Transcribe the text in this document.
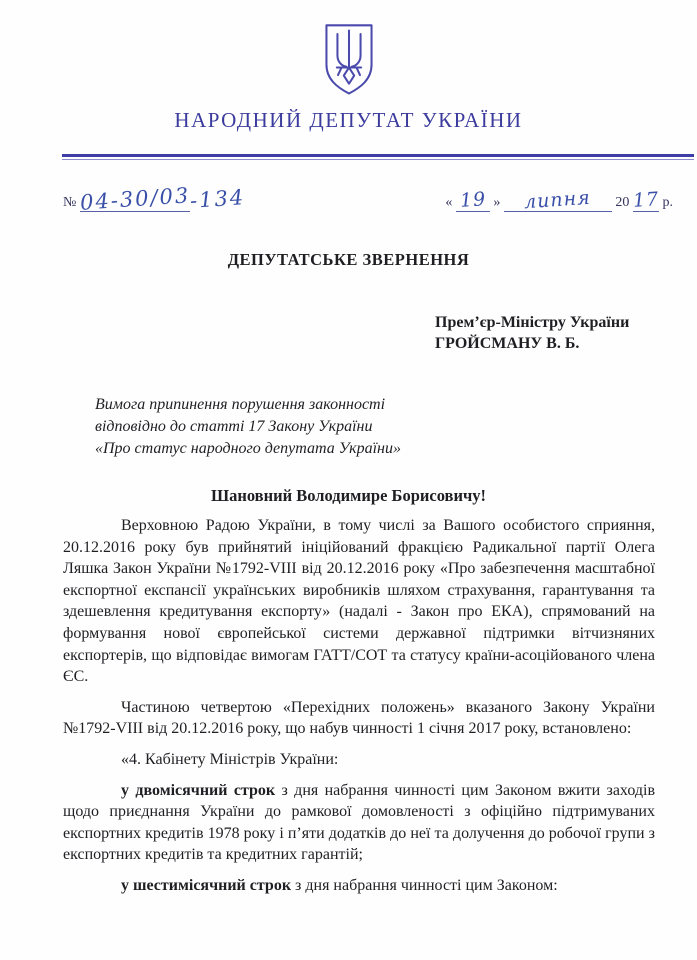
НАРОДНИЙ ДЕПУТАТ УКРАЇНИ
№ 04-30/03-134	« 19 » липня 20 17 р.
ДЕПУТАТСЬКЕ ЗВЕРНЕННЯ
Прем’єр-Міністру України
ГРОЙСМАНУ В. Б.
Вимога припинення порушення законності
відповідно до статті 17 Закону України
«Про статус народного депутата України»
Шановний Володимире Борисовичу!

Верховною Радою України, в тому числі за Вашого особистого сприяння, 20.12.2016 року був прийнятий ініційований фракцією Радикальної партії Олега Ляшка Закон України №1792-VIII від 20.12.2016 року «Про забезпечення масштабної експортної експансії українських виробників шляхом страхування, гарантування та здешевлення кредитування експорту» (надалі - Закон про ЕКА), спрямований на формування нової європейської системи державної підтримки вітчизняних експортерів, що відповідає вимогам ГАТТ/СОТ та статусу країни-асоційованого члена ЄС.

Частиною четвертою «Перехідних положень» вказаного Закону України №1792-VIII від 20.12.2016 року, що набув чинності 1 січня 2017 року, встановлено:

«4. Кабінету Міністрів України:

у двомісячний строк з дня набрання чинності цим Законом вжити заходів щодо приєднання України до рамкової домовленості з офіційно підтримуваних експортних кредитів 1978 року і п’яти додатків до неї та долучення до робочої групи з експортних кредитів та кредитних гарантій;

у шестимісячний строк з дня набрання чинності цим Законом:
